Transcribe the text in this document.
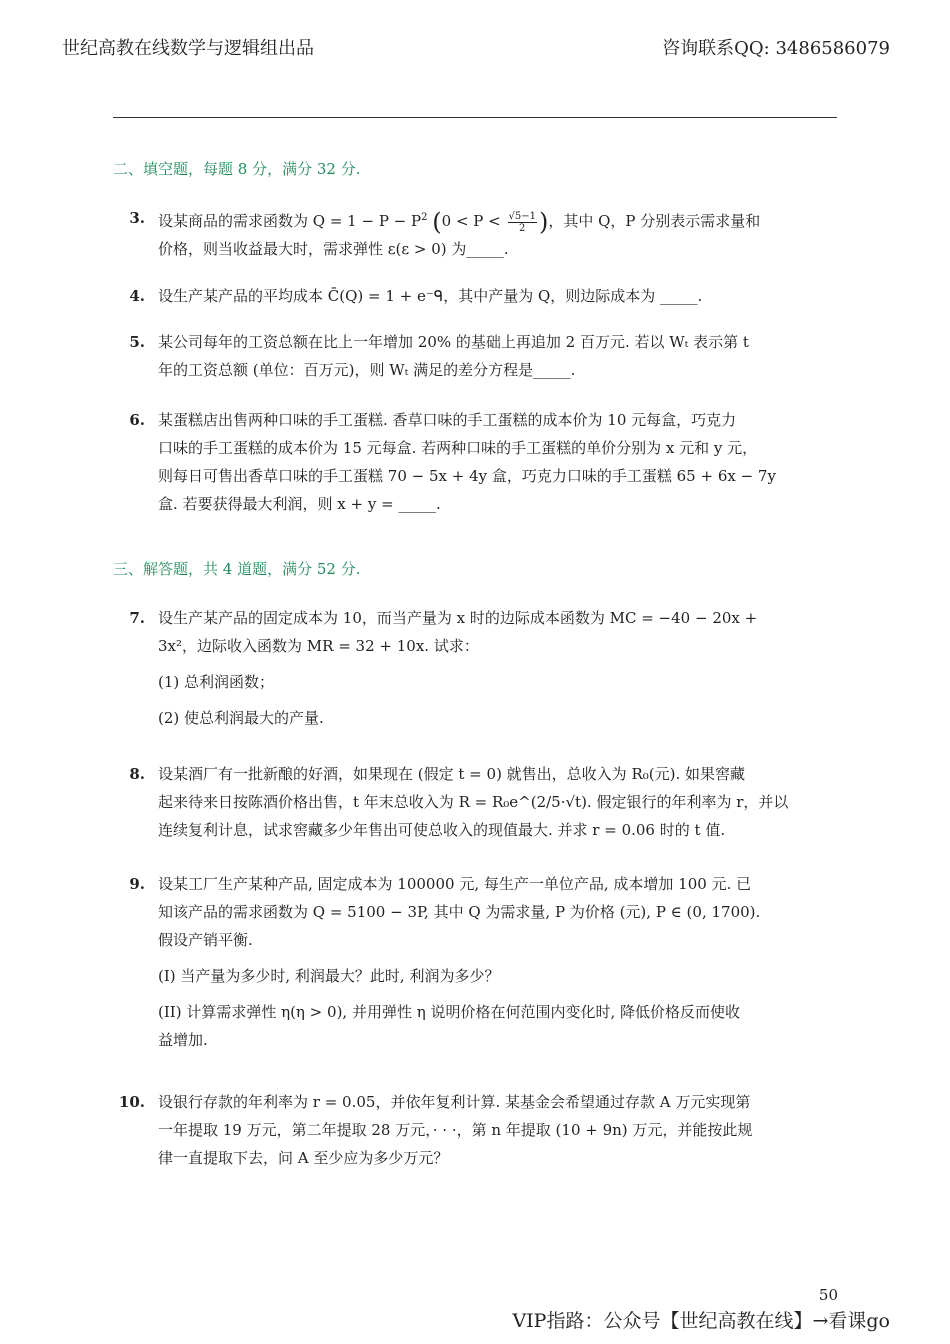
世纪高教在线数学与逻辑组出品	咨询联系QQ: 3486586079
二、填空题，每题 8 分，满分 32 分.
3. 设某商品的需求函数为 $Q = 1 - P - P^2$ ($0 < P < \frac{√5-1}{2}$ )，其中 Q，P 分别表示需求量和
价格，则当收益最大时，需求弹性 ε(ε > 0) 为_____.
4. 设生产某产品的平均成本 C̄(Q) = 1 + e⁻ᑫ，其中产量为 Q，则边际成本为 _____.
5. 某公司每年的工资总额在比上一年增加 20% 的基础上再追加 2 百万元. 若以 Wₜ 表示第 t
年的工资总额 (单位：百万元)，则 Wₜ 满足的差分方程是_____.
6. 某蛋糕店出售两种口味的手工蛋糕. 香草口味的手工蛋糕的成本价为 10 元每盒，巧克力
口味的手工蛋糕的成本价为 15 元每盒. 若两种口味的手工蛋糕的单价分别为 x 元和 y 元，
则每日可售出香草口味的手工蛋糕 70 − 5x + 4y 盒，巧克力口味的手工蛋糕 65 + 6x − 7y
盒. 若要获得最大利润，则 x + y = _____.
三、解答题，共 4 道题，满分 52 分.
7. 设生产某产品的固定成本为 10，而当产量为 x 时的边际成本函数为 MC = −40 − 20x +
3x²，边际收入函数为 MR = 32 + 10x. 试求：
(1) 总利润函数；
(2) 使总利润最大的产量.
8. 设某酒厂有一批新酿的好酒，如果现在 (假定 t = 0) 就售出，总收入为 R₀(元). 如果窖藏
起来待来日按陈酒价格出售，t 年末总收入为 R = R₀e^(2/5·√t). 假定银行的年利率为 r，并以
连续复利计息，试求窖藏多少年售出可使总收入的现值最大. 并求 r = 0.06 时的 t 值.
9. 设某工厂生产某种产品, 固定成本为 100000 元, 每生产一单位产品, 成本增加 100 元. 已
知该产品的需求函数为 Q = 5100 − 3P, 其中 Q 为需求量, P 为价格 (元), P ∈ (0, 1700).
假设产销平衡.
(I) 当产量为多少时, 利润最大？此时, 利润为多少？
(II) 计算需求弹性 η(η > 0), 并用弹性 η 说明价格在何范围内变化时, 降低价格反而使收
益增加.
10. 设银行存款的年利率为 r = 0.05，并依年复利计算. 某基金会希望通过存款 A 万元实现第
一年提取 19 万元，第二年提取 28 万元，· · ·，第 n 年提取 (10 + 9n) 万元，并能按此规
律一直提取下去，问 A 至少应为多少万元？
50
VIP指路：公众号【世纪高教在线】→看课go
